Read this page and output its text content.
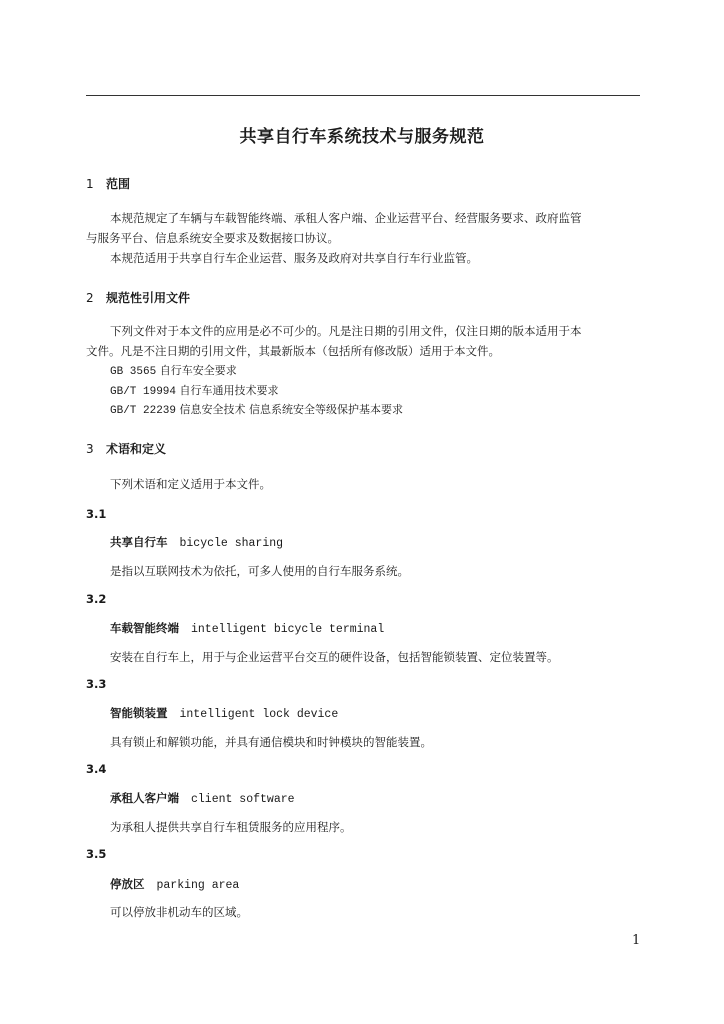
共享自行车系统技术与服务规范
1 范围
本规范规定了车辆与车载智能终端、承租人客户端、企业运营平台、经营服务要求、政府监管
与服务平台、信息系统安全要求及数据接口协议。
本规范适用于共享自行车企业运营、服务及政府对共享自行车行业监管。
2 规范性引用文件
下列文件对于本文件的应用是必不可少的。凡是注日期的引用文件，仅注日期的版本适用于本
文件。凡是不注日期的引用文件，其最新版本（包括所有修改版）适用于本文件。
GB 3565 自行车安全要求
GB/T 19994 自行车通用技术要求
GB/T 22239 信息安全技术 信息系统安全等级保护基本要求
3 术语和定义
下列术语和定义适用于本文件。
3.1
共享自行车 bicycle sharing
是指以互联网技术为依托，可多人使用的自行车服务系统。
3.2
车载智能终端 intelligent bicycle terminal
安装在自行车上，用于与企业运营平台交互的硬件设备，包括智能锁装置、定位装置等。
3.3
智能锁装置 intelligent lock device
具有锁止和解锁功能，并具有通信模块和时钟模块的智能装置。
3.4
承租人客户端 client software
为承租人提供共享自行车租赁服务的应用程序。
3.5
停放区 parking area
可以停放非机动车的区域。
1
